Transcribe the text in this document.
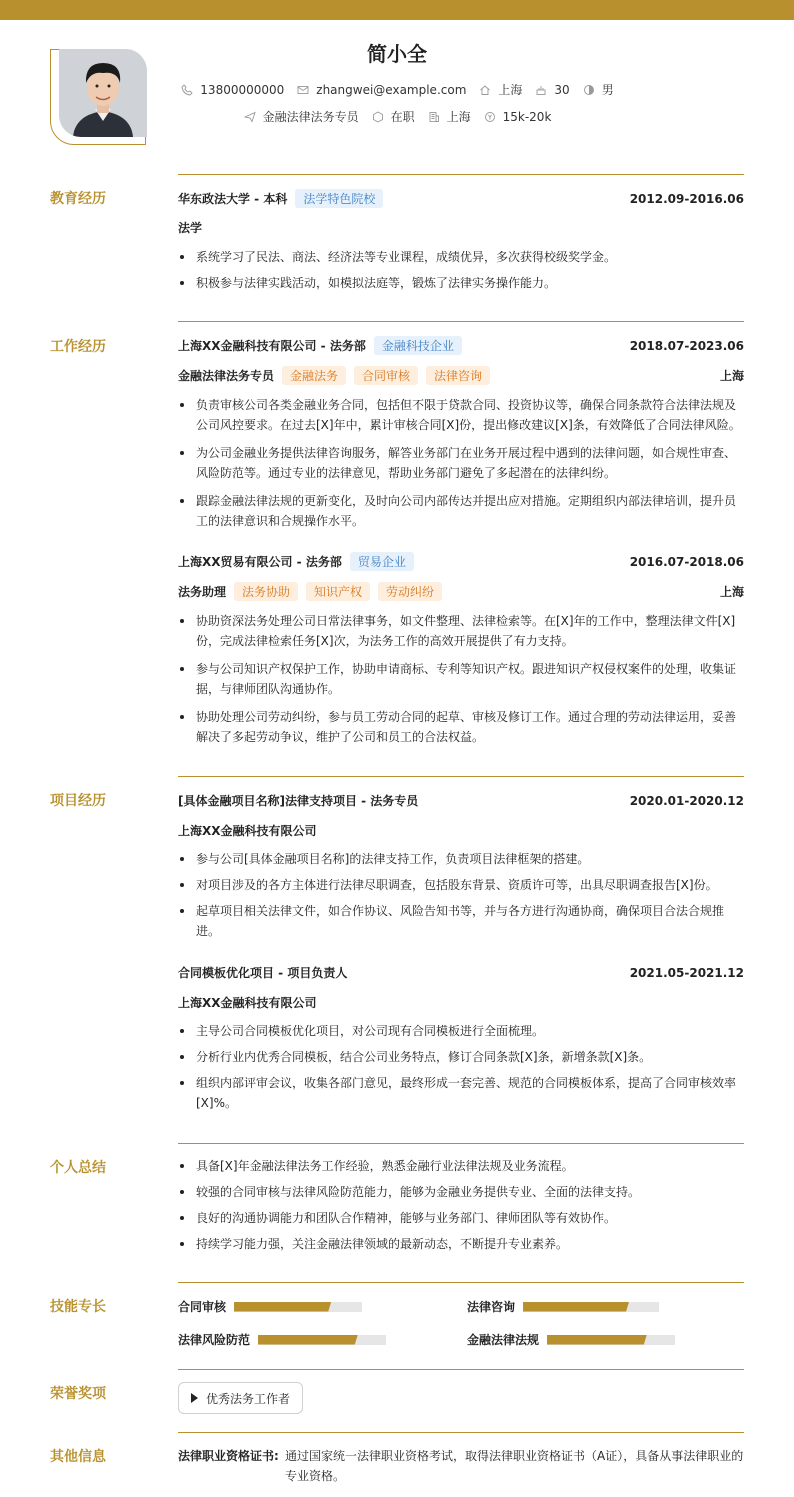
简小全
13800000000	zhangwei@example.com	上海	30	男
金融法律法务专员	在职	上海	15k-20k
教育经历	华东政法大学 - 本科	法学特色院校	2012.09-2016.06
法学
系统学习了民法、商法、经济法等专业课程，成绩优异，多次获得校级奖学金。
积极参与法律实践活动，如模拟法庭等，锻炼了法律实务操作能力。
工作经历	上海XX金融科技有限公司 - 法务部	金融科技企业	2018.07-2023.06
金融法律法务专员	金融法务	合同审核	法律咨询	上海
负责审核公司各类金融业务合同，包括但不限于贷款合同、投资协议等，确保合同条款符合法律法规及公司风控要求。在过去[X]年中，累计审核合同[X]份，提出修改建议[X]条，有效降低了合同法律风险。
为公司金融业务提供法律咨询服务，解答业务部门在业务开展过程中遇到的法律问题，如合规性审查、风险防范等。通过专业的法律意见，帮助业务部门避免了多起潜在的法律纠纷。
跟踪金融法律法规的更新变化，及时向公司内部传达并提出应对措施。定期组织内部法律培训，提升员工的法律意识和合规操作水平。
上海XX贸易有限公司 - 法务部	贸易企业	2016.07-2018.06
法务助理	法务协助	知识产权	劳动纠纷	上海
协助资深法务处理公司日常法律事务，如文件整理、法律检索等。在[X]年的工作中，整理法律文件[X]份，完成法律检索任务[X]次，为法务工作的高效开展提供了有力支持。
参与公司知识产权保护工作，协助申请商标、专利等知识产权。跟进知识产权侵权案件的处理，收集证据，与律师团队沟通协作。
协助处理公司劳动纠纷，参与员工劳动合同的起草、审核及修订工作。通过合理的劳动法律运用，妥善解决了多起劳动争议，维护了公司和员工的合法权益。
项目经历	[具体金融项目名称]法律支持项目 - 法务专员	2020.01-2020.12
上海XX金融科技有限公司
参与公司[具体金融项目名称]的法律支持工作，负责项目法律框架的搭建。
对项目涉及的各方主体进行法律尽职调查，包括股东背景、资质许可等，出具尽职调查报告[X]份。
起草项目相关法律文件，如合作协议、风险告知书等，并与各方进行沟通协商，确保项目合法合规推进。
合同模板优化项目 - 项目负责人	2021.05-2021.12
上海XX金融科技有限公司
主导公司合同模板优化项目，对公司现有合同模板进行全面梳理。
分析行业内优秀合同模板，结合公司业务特点，修订合同条款[X]条，新增条款[X]条。
组织内部评审会议，收集各部门意见，最终形成一套完善、规范的合同模板体系，提高了合同审核效率[X]%。
个人总结	具备[X]年金融法律法务工作经验，熟悉金融行业法律法规及业务流程。
较强的合同审核与法律风险防范能力，能够为金融业务提供专业、全面的法律支持。
良好的沟通协调能力和团队合作精神，能够与业务部门、律师团队等有效协作。
持续学习能力强，关注金融法律领域的最新动态，不断提升专业素养。
技能专长	合同审核	法律咨询
法律风险防范	金融法律法规
荣誉奖项	优秀法务工作者
其他信息	法律职业资格证书: 通过国家统一法律职业资格考试，取得法律职业资格证书（A证），具备从事法律职业的专业资格。
